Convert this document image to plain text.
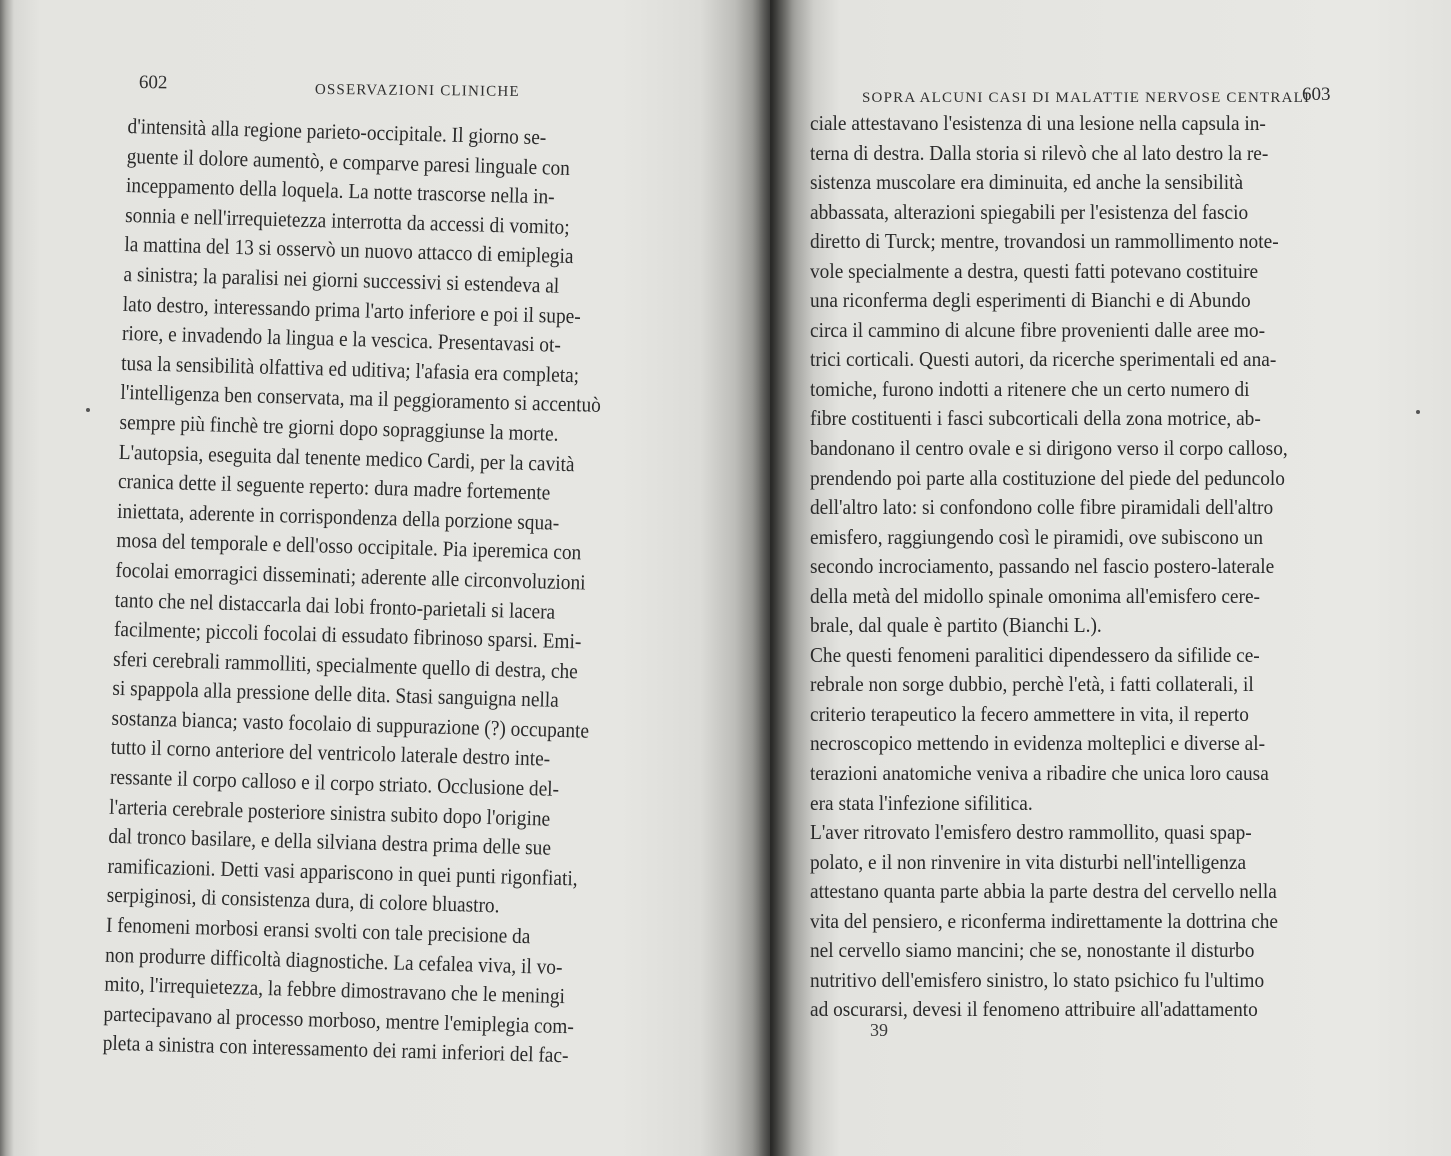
602	OSSERVAZIONI CLINICHE
d'intensità alla regione parieto-occipitale. Il giorno se-
guente il dolore aumentò, e comparve paresi linguale con
inceppamento della loquela. La notte trascorse nella in-
sonnia e nell'irrequietezza interrotta da accessi di vomito;
la mattina del 13 si osservò un nuovo attacco di emiplegia
a sinistra; la paralisi nei giorni successivi si estendeva al
lato destro, interessando prima l'arto inferiore e poi il supe-
riore, e invadendo la lingua e la vescica. Presentavasi ot-
tusa la sensibilità olfattiva ed uditiva; l'afasia era completa;
l'intelligenza ben conservata, ma il peggioramento si accentuò
sempre più finchè tre giorni dopo sopraggiunse la morte.
L'autopsia, eseguita dal tenente medico Cardi, per la cavità
cranica dette il seguente reperto: dura madre fortemente
iniettata, aderente in corrispondenza della porzione squa-
mosa del temporale e dell'osso occipitale. Pia iperemica con
focolai emorragici disseminati; aderente alle circonvoluzioni
tanto che nel distaccarla dai lobi fronto-parietali si lacera
facilmente; piccoli focolai di essudato fibrinoso sparsi. Emi-
sferi cerebrali rammolliti, specialmente quello di destra, che
si spappola alla pressione delle dita. Stasi sanguigna nella
sostanza bianca; vasto focolaio di suppurazione (?) occupante
tutto il corno anteriore del ventricolo laterale destro inte-
ressante il corpo calloso e il corpo striato. Occlusione del-
l'arteria cerebrale posteriore sinistra subito dopo l'origine
dal tronco basilare, e della silviana destra prima delle sue
ramificazioni. Detti vasi appariscono in quei punti rigonfiati,
serpiginosi, di consistenza dura, di colore bluastro.
I fenomeni morbosi eransi svolti con tale precisione da
non produrre difficoltà diagnostiche. La cefalea viva, il vo-
mito, l'irrequietezza, la febbre dimostravano che le meningi
partecipavano al processo morboso, mentre l'emiplegia com-
pleta a sinistra con interessamento dei rami inferiori del fac-
SOPRA ALCUNI CASI DI MALATTIE NERVOSE CENTRALI
603
ciale attestavano l'esistenza di una lesione nella capsula in-
terna di destra. Dalla storia si rilevò che al lato destro la re-
sistenza muscolare era diminuita, ed anche la sensibilità
abbassata, alterazioni spiegabili per l'esistenza del fascio
diretto di Turck; mentre, trovandosi un rammollimento note-
vole specialmente a destra, questi fatti potevano costituire
una riconferma degli esperimenti di Bianchi e di Abundo
circa il cammino di alcune fibre provenienti dalle aree mo-
trici corticali. Questi autori, da ricerche sperimentali ed ana-
tomiche, furono indotti a ritenere che un certo numero di
fibre costituenti i fasci subcorticali della zona motrice, ab-
bandonano il centro ovale e si dirigono verso il corpo calloso,
prendendo poi parte alla costituzione del piede del peduncolo
dell'altro lato: si confondono colle fibre piramidali dell'altro
emisfero, raggiungendo così le piramidi, ove subiscono un
secondo incrociamento, passando nel fascio postero-laterale
della metà del midollo spinale omonima all'emisfero cere-
brale, dal quale è partito (Bianchi L.).
Che questi fenomeni paralitici dipendessero da sifilide ce-
rebrale non sorge dubbio, perchè l'età, i fatti collaterali, il
criterio terapeutico la fecero ammettere in vita, il reperto
necroscopico mettendo in evidenza molteplici e diverse al-
terazioni anatomiche veniva a ribadire che unica loro causa
era stata l'infezione sifilitica.
L'aver ritrovato l'emisfero destro rammollito, quasi spap-
polato, e il non rinvenire in vita disturbi nell'intelligenza
attestano quanta parte abbia la parte destra del cervello nella
vita del pensiero, e riconferma indirettamente la dottrina che
nel cervello siamo mancini; che se, nonostante il disturbo
nutritivo dell'emisfero sinistro, lo stato psichico fu l'ultimo
ad oscurarsi, devesi il fenomeno attribuire all'adattamento
39
